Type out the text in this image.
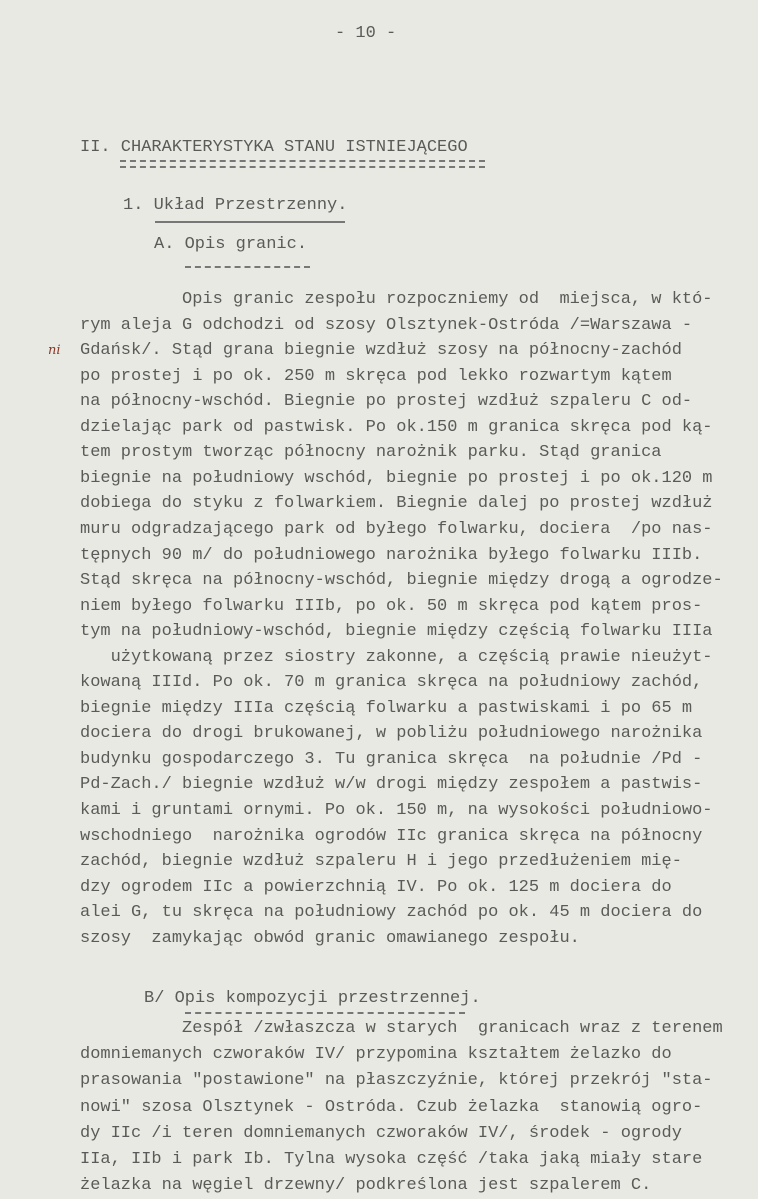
- 10 -
II. CHARAKTERYSTYKA STANU ISTNIEJĄCEGO
1. Układ Przestrzenny.
A. Opis granic.
Opis granic zespołu rozpoczniemy od  miejsca, w któ-
rym aleja G odchodzi od szosy Olsztynek-Ostróda /=Warszawa -
Gdańsk/. Stąd grana biegnie wzdłuż szosy na północny-zachód
po prostej i po ok. 250 m skręca pod lekko rozwartym kątem
na północny-wschód. Biegnie po prostej wzdłuż szpaleru C od-
dzielając park od pastwisk. Po ok.150 m granica skręca pod ką-
tem prostym tworząc północny narożnik parku. Stąd granica
biegnie na południowy wschód, biegnie po prostej i po ok.120 m
dobiega do styku z folwarkiem. Biegnie dalej po prostej wzdłuż
muru odgradzającego park od byłego folwarku, dociera  /po nas-
tępnych 90 m/ do południowego narożnika byłego folwarku IIIb.
Stąd skręca na północny-wschód, biegnie między drogą a ogrodze-
niem byłego folwarku IIIb, po ok. 50 m skręca pod kątem pros-
tym na południowy-wschód, biegnie między częścią folwarku IIIa
użytkowaną przez siostry zakonne, a częścią prawie nieużyt-
kowaną IIId. Po ok. 70 m granica skręca na południowy zachód,
biegnie między IIIa częścią folwarku a pastwiskami i po 65 m
dociera do drogi brukowanej, w pobliżu południowego narożnika
budynku gospodarczego 3. Tu granica skręca  na południe /Pd -
Pd-Zach./ biegnie wzdłuż w/w drogi między zespołem a pastwis-
kami i gruntami ornymi. Po ok. 150 m, na wysokości południowo-
wschodniego  narożnika ogrodów IIc granica skręca na północny
zachód, biegnie wzdłuż szpaleru H i jego przedłużeniem mię-
dzy ogrodem IIc a powierzchnią IV. Po ok. 125 m dociera do
alei G, tu skręca na południowy zachód po ok. 45 m dociera do
szosy  zamykając obwód granic omawianego zespołu.
ni
B/ Opis kompozycji przestrzennej.
Zespół /zwłaszcza w starych  granicach wraz z terenem
domniemanych czworaków IV/ przypomina kształtem żelazko do
prasowania "postawione" na płaszczyźnie, której przekrój "sta-
nowi" szosa Olsztynek - Ostróda. Czub żelazka  stanowią ogro-
dy IIc /i teren domniemanych czworaków IV/, środek - ogrody
IIa, IIb i park Ib. Tylna wysoka część /taka jaką miały stare
żelazka na węgiel drzewny/ podkreślona jest szpalerem C.
